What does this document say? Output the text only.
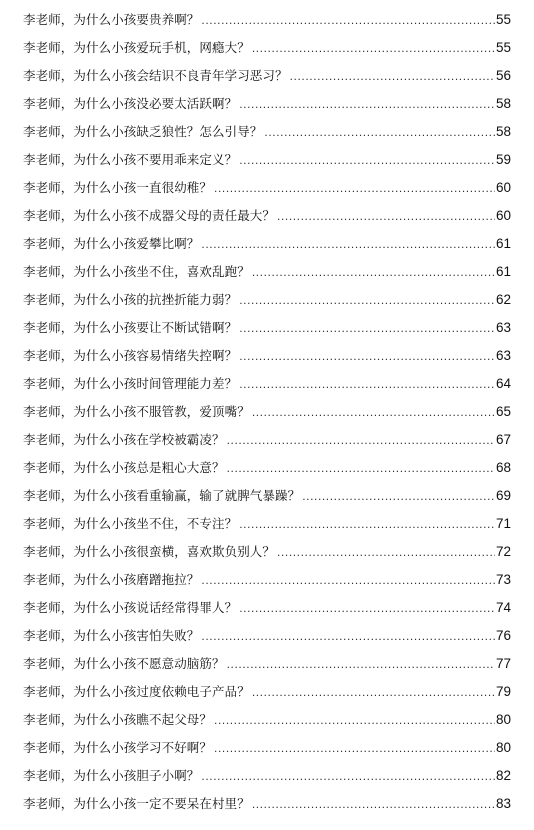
李老师，为什么小孩要贵养啊？ .....	55
李老师，为什么小孩爱玩手机，网瘾大？ .....	55
李老师，为什么小孩会结识不良青年学习恶习？ .....	56
李老师，为什么小孩没必要太活跃啊？ .....	58
李老师，为什么小孩缺乏狼性？怎么引导？ .....	58
李老师，为什么小孩不要用乖来定义？ .....	59
李老师，为什么小孩一直很幼稚？ .....	60
李老师，为什么小孩不成器父母的责任最大？ .....	60
李老师，为什么小孩爱攀比啊？ .....	61
李老师，为什么小孩坐不住，喜欢乱跑？ .....	61
李老师，为什么小孩的抗挫折能力弱？ .....	62
李老师，为什么小孩要让不断试错啊？ .....	63
李老师，为什么小孩容易情绪失控啊？ .....	63
李老师，为什么小孩时间管理能力差？ .....	64
李老师，为什么小孩不服管教，爱顶嘴？ .....	65
李老师，为什么小孩在学校被霸凌？ .....	67
李老师，为什么小孩总是粗心大意？ .....	68
李老师，为什么小孩看重输赢，输了就脾气暴躁？ .....	69
李老师，为什么小孩坐不住，不专注？ .....	71
李老师，为什么小孩很蛮横，喜欢欺负别人？ .....	72
李老师，为什么小孩磨蹭拖拉？ .....	73
李老师，为什么小孩说话经常得罪人？ .....	74
李老师，为什么小孩害怕失败？ .....	76
李老师，为什么小孩不愿意动脑筋？ .....	77
李老师，为什么小孩过度依赖电子产品？ .....	79
李老师，为什么小孩瞧不起父母？ .....	80
李老师，为什么小孩学习不好啊？ .....	80
李老师，为什么小孩胆子小啊？ .....	82
李老师，为什么小孩一定不要呆在村里？ .....	83
